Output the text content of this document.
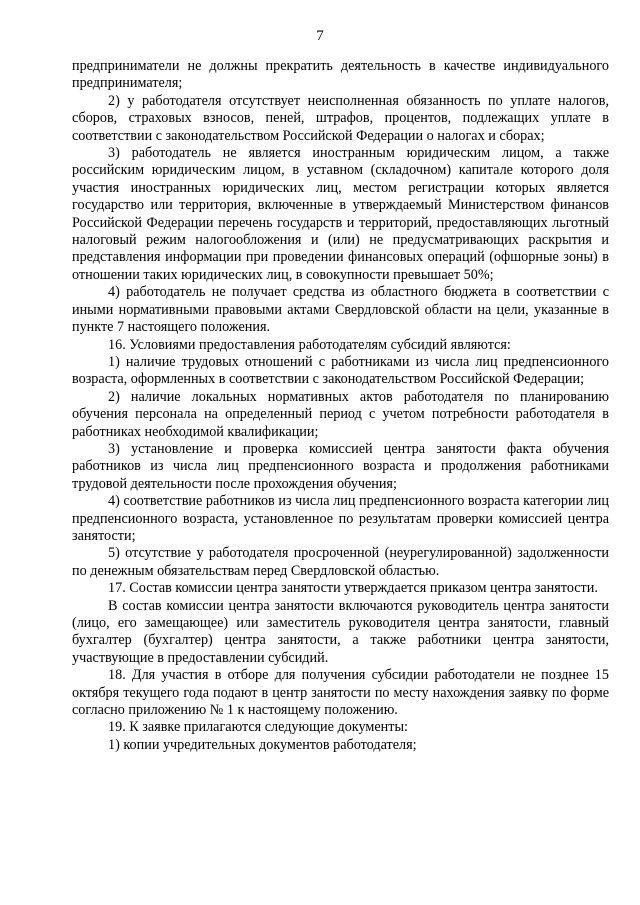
7

предприниматели не должны прекратить деятельность в качестве индивидуального предпринимателя;

2) у работодателя отсутствует неисполненная обязанность по уплате налогов, сборов, страховых взносов, пеней, штрафов, процентов, подлежащих уплате в соответствии с законодательством Российской Федерации о налогах и сборах;

3) работодатель не является иностранным юридическим лицом, а также российским юридическим лицом, в уставном (складочном) капитале которого доля участия иностранных юридических лиц, местом регистрации которых является государство или территория, включенные в утверждаемый Министерством финансов Российской Федерации перечень государств и территорий, предоставляющих льготный налоговый режим налогообложения и (или) не предусматривающих раскрытия и представления информации при проведении финансовых операций (офшорные зоны) в отношении таких юридических лиц, в совокупности превышает 50%;

4) работодатель не получает средства из областного бюджета в соответствии с иными нормативными правовыми актами Свердловской области на цели, указанные в пункте 7 настоящего положения.

16. Условиями предоставления работодателям субсидий являются:

1) наличие трудовых отношений с работниками из числа лиц предпенсионного возраста, оформленных в соответствии с законодательством Российской Федерации;

2) наличие локальных нормативных актов работодателя по планированию обучения персонала на определенный период с учетом потребности работодателя в работниках необходимой квалификации;

3) установление и проверка комиссией центра занятости факта обучения работников из числа лиц предпенсионного возраста и продолжения работниками трудовой деятельности после прохождения обучения;

4) соответствие работников из числа лиц предпенсионного возраста категории лиц предпенсионного возраста, установленное по результатам проверки комиссией центра занятости;

5) отсутствие у работодателя просроченной (неурегулированной) задолженности по денежным обязательствам перед Свердловской областью.

17. Состав комиссии центра занятости утверждается приказом центра занятости.

В состав комиссии центра занятости включаются руководитель центра занятости (лицо, его замещающее) или заместитель руководителя центра занятости, главный бухгалтер (бухгалтер) центра занятости, а также работники центра занятости, участвующие в предоставлении субсидий.

18. Для участия в отборе для получения субсидии работодатели не позднее 15 октября текущего года подают в центр занятости по месту нахождения заявку по форме согласно приложению № 1 к настоящему положению.

19. К заявке прилагаются следующие документы:

1) копии учредительных документов работодателя;
